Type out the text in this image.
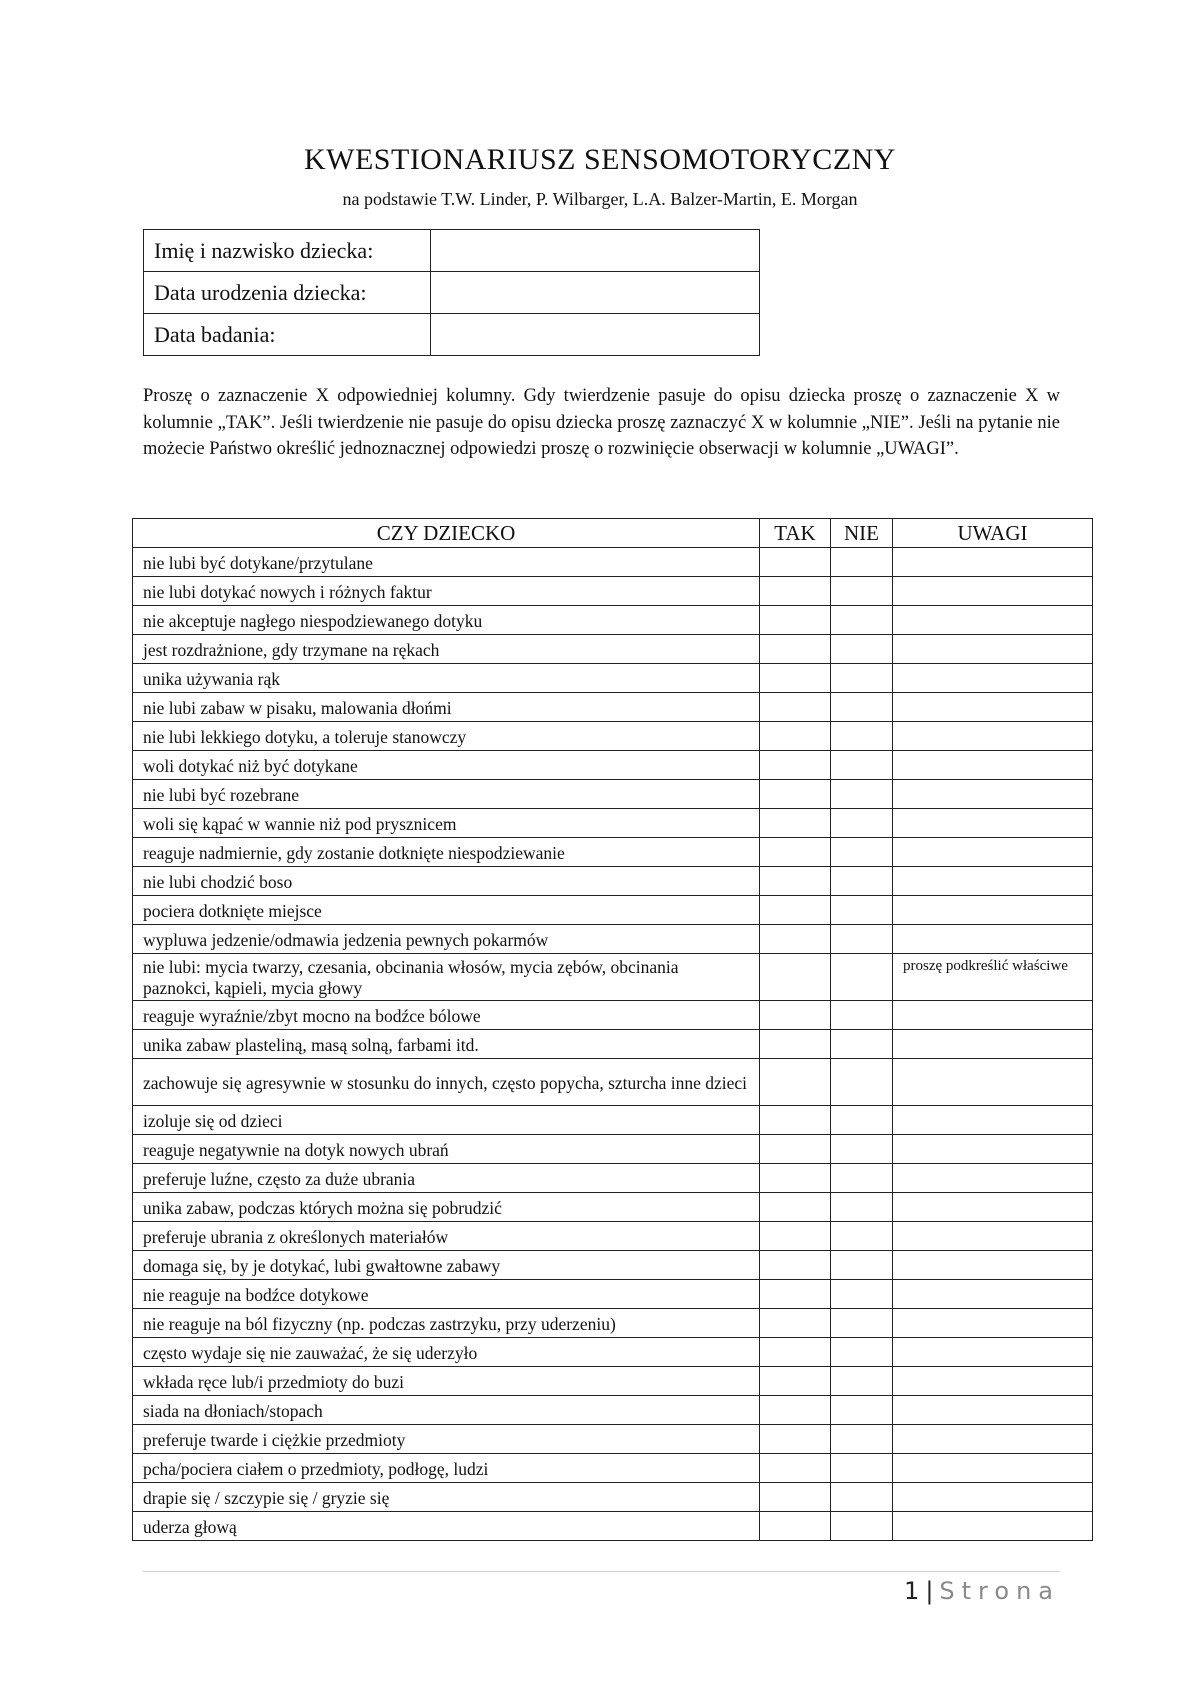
KWESTIONARIUSZ SENSOMOTORYCZNY
na podstawie T.W. Linder, P. Wilbarger, L.A. Balzer-Martin, E. Morgan
Imię i nazwisko dziecka:	
Data urodzenia dziecka:	
Data badania:	
Proszę o zaznaczenie X odpowiedniej kolumny. Gdy twierdzenie pasuje do opisu dziecka proszę o zaznaczenie X w kolumnie „TAK”. Jeśli twierdzenie nie pasuje do opisu dziecka proszę zaznaczyć X w kolumnie „NIE”. Jeśli na pytanie nie możecie Państwo określić jednoznacznej odpowiedzi proszę o rozwinięcie obserwacji w kolumnie „UWAGI”.
CZY DZIECKO	TAK	NIE	UWAGI
nie lubi być dotykane/przytulane			
nie lubi dotykać nowych i różnych faktur			
nie akceptuje nagłego niespodziewanego dotyku			
jest rozdrażnione, gdy trzymane na rękach			
unika używania rąk			
nie lubi zabaw w pisaku, malowania dłońmi			
nie lubi lekkiego dotyku, a toleruje stanowczy			
woli dotykać niż być dotykane			
nie lubi być rozebrane			
woli się kąpać w wannie niż pod prysznicem			
reaguje nadmiernie, gdy zostanie dotknięte niespodziewanie			
nie lubi chodzić boso			
pociera dotknięte miejsce			
wypluwa jedzenie/odmawia jedzenia pewnych pokarmów			
nie lubi: mycia twarzy, czesania, obcinania włosów, mycia zębów, obcinania paznokci, kąpieli, mycia głowy			proszę podkreślić właściwe
reaguje wyraźnie/zbyt mocno na bodźce bólowe			
unika zabaw plasteliną, masą solną, farbami itd.			
zachowuje się agresywnie w stosunku do innych, często popycha, szturcha inne dzieci			
izoluje się od dzieci			
reaguje negatywnie na dotyk nowych ubrań			
preferuje luźne, często za duże ubrania			
unika zabaw, podczas których można się pobrudzić			
preferuje ubrania z określonych materiałów			
domaga się, by je dotykać, lubi gwałtowne zabawy			
nie reaguje na bodźce dotykowe			
nie reaguje na ból fizyczny (np. podczas zastrzyku, przy uderzeniu)			
często wydaje się nie zauważać, że się uderzyło			
wkłada ręce lub/i przedmioty do buzi			
siada na dłoniach/stopach			
preferuje twarde i ciężkie przedmioty			
pcha/pociera ciałem o przedmioty, podłogę, ludzi			
drapie się / szczypie się / gryzie się			
uderza głową			
1 | Strona
